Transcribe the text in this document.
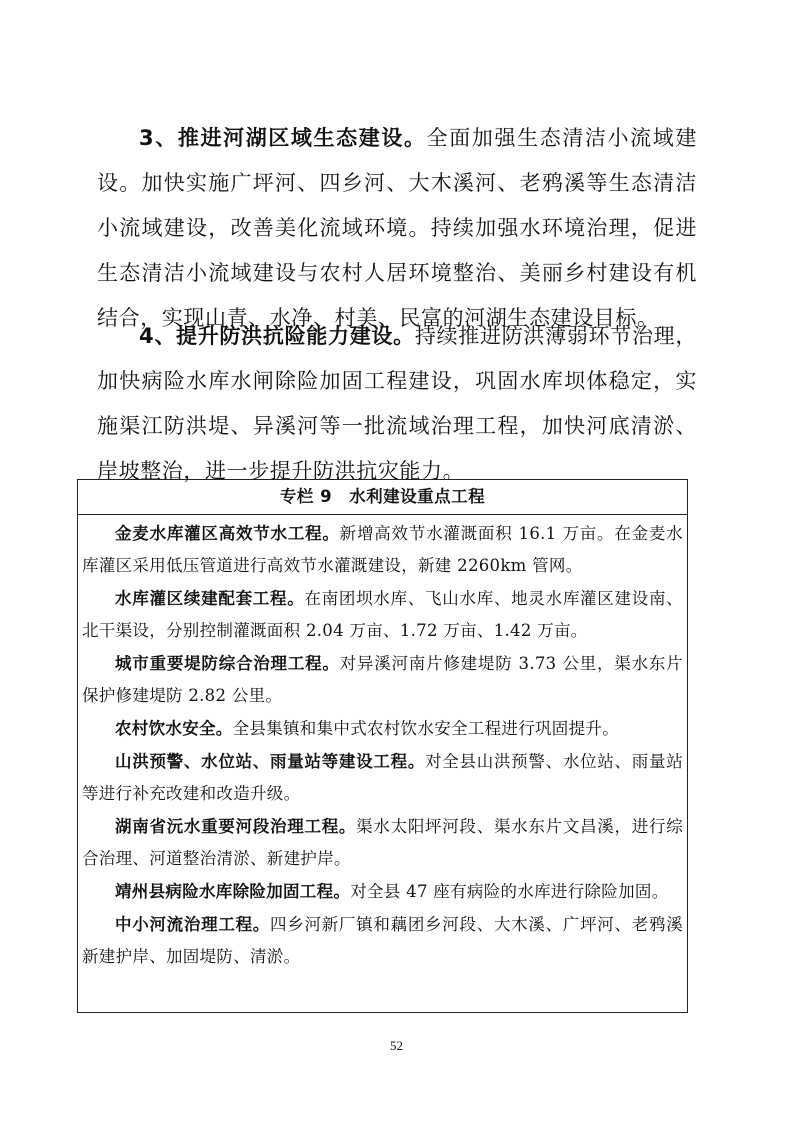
3、推进河湖区域生态建设。全面加强生态清洁小流域建设。加快实施广坪河、四乡河、大木溪河、老鸦溪等生态清洁小流域建设，改善美化流域环境。持续加强水环境治理，促进生态清洁小流域建设与农村人居环境整治、美丽乡村建设有机结合，实现山青、水净、村美、民富的河湖生态建设目标。

4、提升防洪抗险能力建设。持续推进防洪薄弱环节治理，加快病险水库水闸除险加固工程建设，巩固水库坝体稳定，实施渠江防洪堤、异溪河等一批流域治理工程，加快河底清淤、岸坡整治，进一步提升防洪抗灾能力。

专栏 9　水利建设重点工程

金麦水库灌区高效节水工程。新增高效节水灌溉面积 16.1 万亩。在金麦水库灌区采用低压管道进行高效节水灌溉建设，新建 2260km 管网。

水库灌区续建配套工程。在南团坝水库、飞山水库、地灵水库灌区建设南、北干渠设，分别控制灌溉面积 2.04 万亩、1.72 万亩、1.42 万亩。

城市重要堤防综合治理工程。对异溪河南片修建堤防 3.73 公里，渠水东片保护修建堤防 2.82 公里。

农村饮水安全。全县集镇和集中式农村饮水安全工程进行巩固提升。

山洪预警、水位站、雨量站等建设工程。对全县山洪预警、水位站、雨量站等进行补充改建和改造升级。

湖南省沅水重要河段治理工程。渠水太阳坪河段、渠水东片文昌溪，进行综合治理、河道整治清淤、新建护岸。

靖州县病险水库除险加固工程。对全县 47 座有病险的水库进行除险加固。

中小河流治理工程。四乡河新厂镇和藕团乡河段、大木溪、广坪河、老鸦溪新建护岸、加固堤防、清淤。

52
